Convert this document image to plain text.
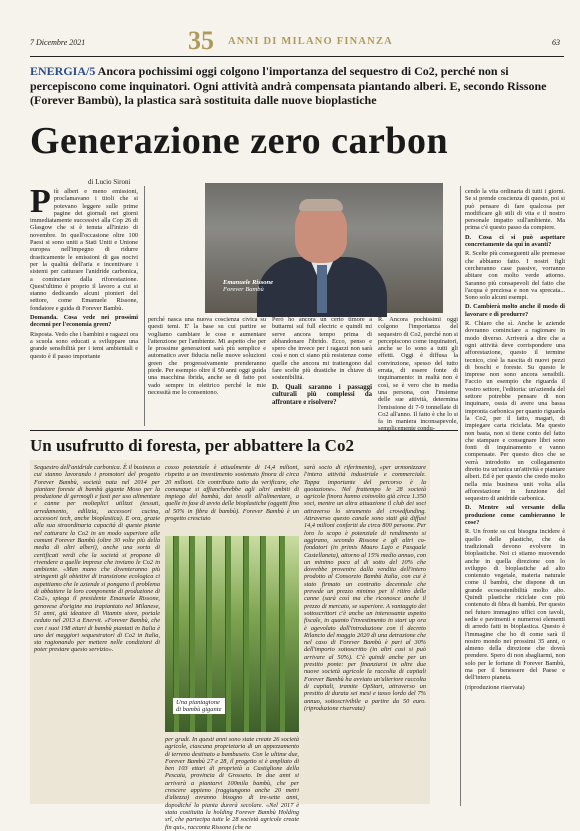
7 Dicembre 2021	35 ANNI DI MILANO FINANZA	63
ENERGIA/5 Ancora pochissimi oggi colgono l'importanza del sequestro di Co2, perché non si percepiscono come inquinatori. Ogni attività andrà compensata piantando alberi. E, secondo Rissone (Forever Bambù), la plastica sarà sostituita dalle nuove bioplastiche
Generazione zero carbon
di Lucio Sironi

Più alberi e meno emissioni, proclamavano i titoli che si potevano leggere sulle prime pagine dei giornali nei giorni immediatamente successivi alla Cop 26 di Glasgow che si è tenuta all'inizio di novembre. In quell'occasione oltre 100 Paesi si sono uniti a Stati Uniti e Unione europea nell'impegno di ridurre drasticamente le emissioni di gas nocivi per la qualità dell'aria e incentivare i sistemi per catturare l'anidride carbonica, a cominciare dalla riforestazione. Quest'ultimo è proprio il lavoro a cui si stanno dedicando alcuni pionieri del settore, come Emanuele Rissone, fondatore e guida di Forever Bambù.

Domanda. Cosa vede nei prossimi decenni per l'economia green?

Risposta. Vedo che i bambini e ragazzi ora a scuola sono educati a sviluppare una grande sensibilità per i temi ambientali e questo è il passo importante

Emanuele Rissone
Forever Bambù

perché nasca una nuova coscienza civica su questi temi. E' la base su cui partire se vogliamo cambiare le cose e aumentare l'attenzione per l'ambiente. Mi aspetto che per le prossime generazioni sarà più semplice e automatico aver fiducia nelle nuove soluzioni green che progressivamente prenderanno piede. Per esempio oltre il 50 anni oggi guida una macchina ibrida, anche se di fatto poi vado sempre in elettrico perché le mie necessità me lo consentono.

Però ho ancora un certo timore a buttarmi sul full electric e quindi mi serve ancora tempo prima di abbandonare l'ibrido. Ecco, penso e spero che invece per i ragazzi non sarà così e non ci siano più resistenze come quelle che ancora mi trattengono dal fare scelte più drastiche in chiave di sostenibilità.

D. Quali saranno i passaggi culturali più complessi da affrontare e risolvere?

R. Ancora pochissimi oggi colgono l'importanza del sequestro di Co2, perché non si percepiscono come inquinatori, anche se lo sono a tutti gli effetti. Oggi è diffusa la convinzione, spesso del tutto errata, di essere fonte di inquinamento: in realtà non è così, se è vero che in media una persona, con l'insieme delle sue attività, determina l'emissione di 7-9 tonnellate di Co2 all'anno. Il fatto è che lo si fa in maniera inconsapevole, semplicemente condu-

cendo la vita ordinaria di tutti i giorni. Se si prende coscienza di questo, poi si può pensare di fare qualcosa per modificare gli stili di vita e il nostro personale impatto sull'ambiente. Ma prima c'è questo passo da compiere.

D. Cosa ci si può aspettare concretamente da qui in avanti?

R. Scelte più conseguenti alle premesse che abbiamo fatto. I nostri figli cercheranno case passive, vorranno abitare con molto verde attorno. Saranno più consapevoli del fatto che l'acqua è preziosa e non va sprecata... Sono solo alcuni esempi.

D. Cambierà molto anche il modo di lavorare e di produrre?

R. Chiaro che sì. Anche le aziende dovranno cominciare a ragionare in modo diverso. Arriverà a dire che a ogni attività deve corrispondere una afforestazione, questo il termine tecnico, cioè la nascita di nuovi pezzi di boschi e foreste. Su questo le imprese non sono ancora sensibili. Faccio un esempio che riguarda il vostro settore, l'editoria: un'azienda del settore potrebbe pensare di non inquinare, ossia di avere una bassa impronta carbonica per quanto riguarda la Co2, per il fatto, magari, di impiegare carta riciclata. Ma questo non basta, non si tiene conto del fatto che stampare e consegnare libri sono fonti di inquinamento e vanno compensate. Per questo dico che se verrà introdotto un collegamento diretto tra un'unica un'attività e piantare alberi. Ed è per questo che credo molto nella mia business unit volta alla afforestazione in funzione del sequestro di anidride carbonica.

D. Mentre sul versante della produzione come cambieranno le cose?

R. Un fronte su cui bisogna incidere è quello delle plastiche, che da tradizionali devono evolvere in bioplastiche. Noi ci stiamo muovendo anche in quella direzione con lo sviluppo di bioplastiche ad alto contenuto vegetale, materia naturale come il bambù, che dispone di un grande ecosostenibilità molto alto. Quindi plastiche riciclate con più contenuto di fibra di bambù. Per questo nel futuro immagino uffici con tavoli, sedie e pavimenti e numerosi elementi di arredo fatti in bioplastica. Questo è l'immagine che ho di come sarà il nostro mondo nei prossimi 35 anni, o almeno della direzione che dovrà prendere. Spero di non sbagliarmi, non solo per le fortune di Forever Bambù, ma per il benessere del Paese e dell'intero pianeta.

(riproduzione riservata)

Un usufrutto di foresta, per abbattere la Co2

Sequestro dell'anidride carbonica. È il business a cui stanno lavorando i promotori del progetto Forever Bambù, società nata nel 2014 per piantare foreste di bambù gigante Moso per la produzione di germogli e fusti per uso alimentare e canne per molteplici utilizzi (tessuti, arredamento, edilizia, accessori cucina, accessori tech, anche bioplastica). E ora, grazie alla sua straordinaria capacità di queste piante nel catturare la Co2 in un modo superiore alle comuni Forever Bambù (oltre 30 volte più della media di altri alberi), anche una sorta di certificati verdi che la società si propone di rivendere a quelle imprese che inviano le Co2 in ambiente. «Man mano che diventeranno più stringenti gli obiettivi di transizione ecologica ci aspettiamo che le aziende si pongano il problema di abbattere la loro componente di produzione di Co2», spiega il presidente Emanuele Rissone, genovese d'origine ma trapiantato nel Milanese, 51 anni, già ideatore di Vitamin store, portale ceduto nel 2013 a Enervit. «Forever Bambù, che con i suoi 198 ettari di bambù piantati in Italia è uno dei maggiori sequestratori di Co2 in Italia, sta ragionando per mettere nelle condizioni di poter prestare questo servizio».

cosso potenziale è attualmente di 14,4 milioni, rispetto a un investimento sostenuto finora di circa 20 milioni. Un contributo tutto da verificare, che comunque si affiancherebbe agli altri ambiti di impiego del bambù, dai tessili all'alimentare, a quelle in fase di avvio delle bioplastiche (oggetti fino al 50% in fibra di bambù). Forever Bambù è un progetto cresciuto

Una piantagione
di bambù gigante

per gradi. In questi anni sono state create 26 società agricole, ciascuna proprietaria di un appezzamento di terreno destinato a bambuseto. Con le ultime due, Forever Bambù 27 e 28, il progetto si è ampliato di ben 103 ettari di proprietà a Castiglione della Pescaia, provincia di Grosseto. In due anni si arriverà a piantarvi 100mila bambù, che per crescere appieno (raggiungono anche 20 metri d'altezza) avranno bisogno di tre-sette anni, dopodiché la pianta durerà secolare. «Nel 2017 è stata costituita la holding Forever Bambù Holding srl, che partecipa tutte le 28 società agricole create fin qui», racconta Rissone (che ne

sarà socio di riferimento), «per armonizzare l'intera attività industriale e commerciale. Tappa importante del percorso è la quotazione». Nel frattempo le 28 società agricole finora hanno coinvolto già circa 1.350 soci, mentre un altra attuazione il club dei soci attraverso lo strumento del crowdfunding. Attraverso questo canale sono stati già diffusi 14,4 milioni conferiti da circa 800 persone. Per loro lo scopo è potenziale di rendimento si aggirano, secondo Rissone e gli altri co-fondatori (in primis Mauro Lajo e Pasquale Castellaneta), attorno al 15% medio annuo, con un minimo poco al di sotto del 10% che dovrebbe provenire dalla vendita dell'intero prodotto al Consorzio Bambù Italia, con cui è stato firmato un contratto decennale che prevede un prezzo minimo per il ritiro delle canne (sarà così ma che riconosce anche il prezzo di mercato, se superiore. A vantaggio dei sottoscrittori c'è anche un interessante aspetto fiscale, in quanto l'investimento in start up ora è agevolato dall'introduzione con il decreto Rilancio del maggio 2020 di una detrazione che nel caso di Forever Bambù è pari al 30% dell'importo sottoscritto (in altri casi si può arrivare al 50%). C'è quindi anche per un prestito ponte: per finanziarsi in altre due nuove società agricole la raccolta di capitali Forever Bambù ha avviato un'ulteriore raccolta di capitali, tramite OpStart, attraverso un prestito di durata sei mesi e tasso lordo del 7% annuo, sottoscrivibile a partire da 50 euro. (riproduzione riservata)
